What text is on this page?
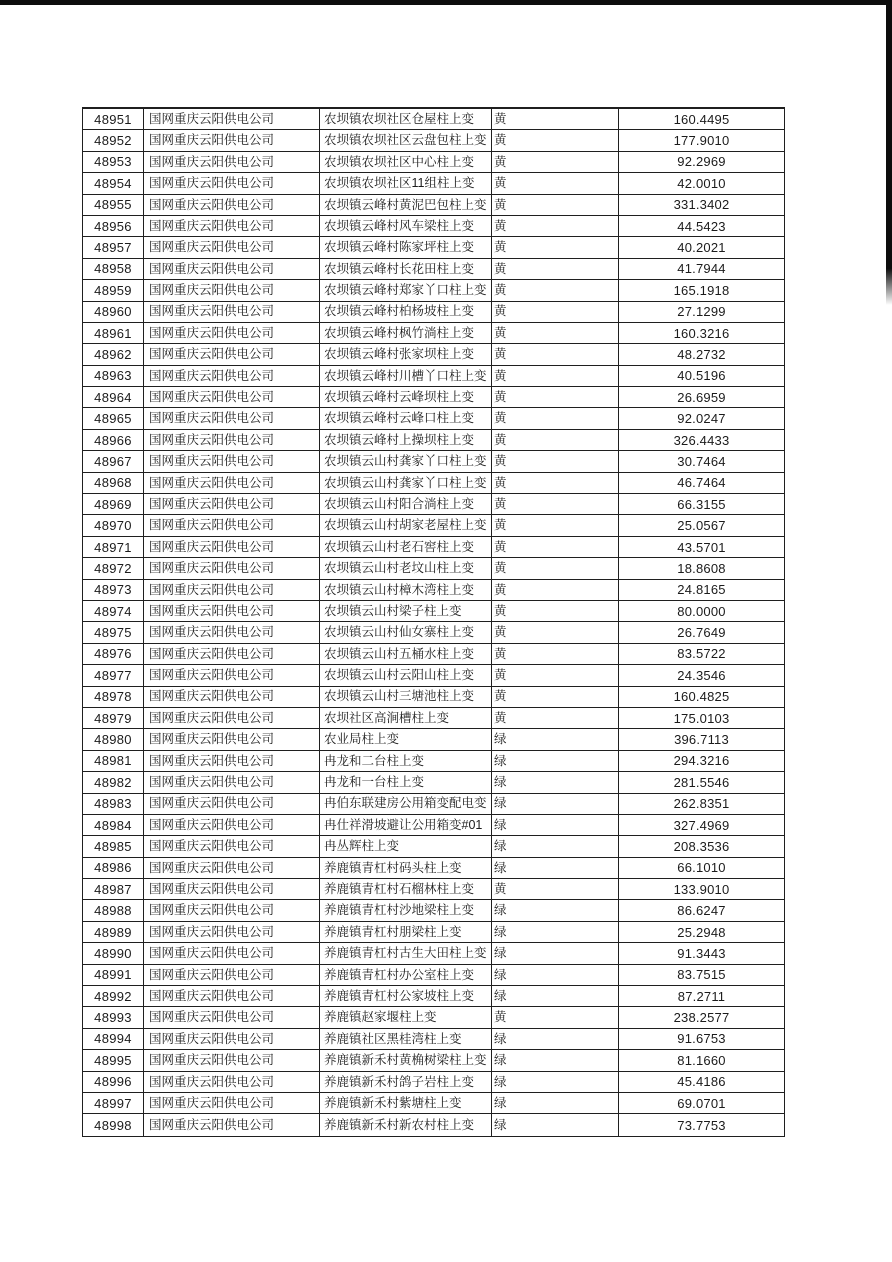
48951	国网重庆云阳供电公司	农坝镇农坝社区仓屋柱上变	黄	160.4495
48952	国网重庆云阳供电公司	农坝镇农坝社区云盘包柱上变 黄	177.9010
48953	国网重庆云阳供电公司	农坝镇农坝社区中心柱上变	黄	92.2969
48954	国网重庆云阳供电公司	农坝镇农坝社区11组柱上变	黄	42.0010
48955	国网重庆云阳供电公司	农坝镇云峰村黄泥巴包柱上变 黄	331.3402
48956	国网重庆云阳供电公司	农坝镇云峰村风车梁柱上变	黄	44.5423
48957	国网重庆云阳供电公司	农坝镇云峰村陈家坪柱上变	黄	40.2021
48958	国网重庆云阳供电公司	农坝镇云峰村长花田柱上变	黄	41.7944
48959	国网重庆云阳供电公司	农坝镇云峰村郑家丫口柱上变 黄	165.1918
48960	国网重庆云阳供电公司	农坝镇云峰村柏杨坡柱上变	黄	27.1299
48961	国网重庆云阳供电公司	农坝镇云峰村枫竹淌柱上变	黄	160.3216
48962	国网重庆云阳供电公司	农坝镇云峰村张家坝柱上变	黄	48.2732
48963	国网重庆云阳供电公司	农坝镇云峰村川槽丫口柱上变 黄	40.5196
48964	国网重庆云阳供电公司	农坝镇云峰村云峰坝柱上变	黄	26.6959
48965	国网重庆云阳供电公司	农坝镇云峰村云峰口柱上变	黄	92.0247
48966	国网重庆云阳供电公司	农坝镇云峰村上操坝柱上变	黄	326.4433
48967	国网重庆云阳供电公司	农坝镇云山村龚家丫口柱上变 黄	30.7464
48968	国网重庆云阳供电公司	农坝镇云山村龚家丫口柱上变 黄	46.7464
48969	国网重庆云阳供电公司	农坝镇云山村阳合淌柱上变	黄	66.3155
48970	国网重庆云阳供电公司	农坝镇云山村胡家老屋柱上变 黄	25.0567
48971	国网重庆云阳供电公司	农坝镇云山村老石窖柱上变	黄	43.5701
48972	国网重庆云阳供电公司	农坝镇云山村老坟山柱上变	黄	18.8608
48973	国网重庆云阳供电公司	农坝镇云山村樟木湾柱上变	黄	24.8165
48974	国网重庆云阳供电公司	农坝镇云山村梁子柱上变	黄	80.0000
48975	国网重庆云阳供电公司	农坝镇云山村仙女寨柱上变	黄	26.7649
48976	国网重庆云阳供电公司	农坝镇云山村五桶水柱上变	黄	83.5722
48977	国网重庆云阳供电公司	农坝镇云山村云阳山柱上变	黄	24.3546
48978	国网重庆云阳供电公司	农坝镇云山村三塘池柱上变	黄	160.4825
48979	国网重庆云阳供电公司	农坝社区高涧槽柱上变	黄	175.0103
48980	国网重庆云阳供电公司	农业局柱上变	绿	396.7113
48981	国网重庆云阳供电公司	冉龙和二台柱上变	绿	294.3216
48982	国网重庆云阳供电公司	冉龙和一台柱上变	绿	281.5546
48983	国网重庆云阳供电公司	冉伯东联建房公用箱变配电变 绿	262.8351
48984	国网重庆云阳供电公司	冉仕祥滑坡避让公用箱变#01 绿	327.4969
48985	国网重庆云阳供电公司	冉丛辉柱上变	绿	208.3536
48986	国网重庆云阳供电公司	养鹿镇青杠村码头柱上变	绿	66.1010
48987	国网重庆云阳供电公司	养鹿镇青杠村石榴林柱上变	黄	133.9010
48988	国网重庆云阳供电公司	养鹿镇青杠村沙地梁柱上变	绿	86.6247
48989	国网重庆云阳供电公司	养鹿镇青杠村朋梁柱上变	绿	25.2948
48990	国网重庆云阳供电公司	养鹿镇青杠村古生大田柱上变 绿	91.3443
48991	国网重庆云阳供电公司	养鹿镇青杠村办公室柱上变	绿	83.7515
48992	国网重庆云阳供电公司	养鹿镇青杠村公家坡柱上变	绿	87.2711
48993	国网重庆云阳供电公司	养鹿镇赵家堰柱上变	黄	238.2577
48994	国网重庆云阳供电公司	养鹿镇社区黑桂湾柱上变	绿	91.6753
48995	国网重庆云阳供电公司	养鹿镇新禾村黄桷树梁柱上变 绿	81.1660
48996	国网重庆云阳供电公司	养鹿镇新禾村鸽子岩柱上变	绿	45.4186
48997	国网重庆云阳供电公司	养鹿镇新禾村紫塘柱上变	绿	69.0701
48998	国网重庆云阳供电公司	养鹿镇新禾村新农村柱上变	绿	73.7753
